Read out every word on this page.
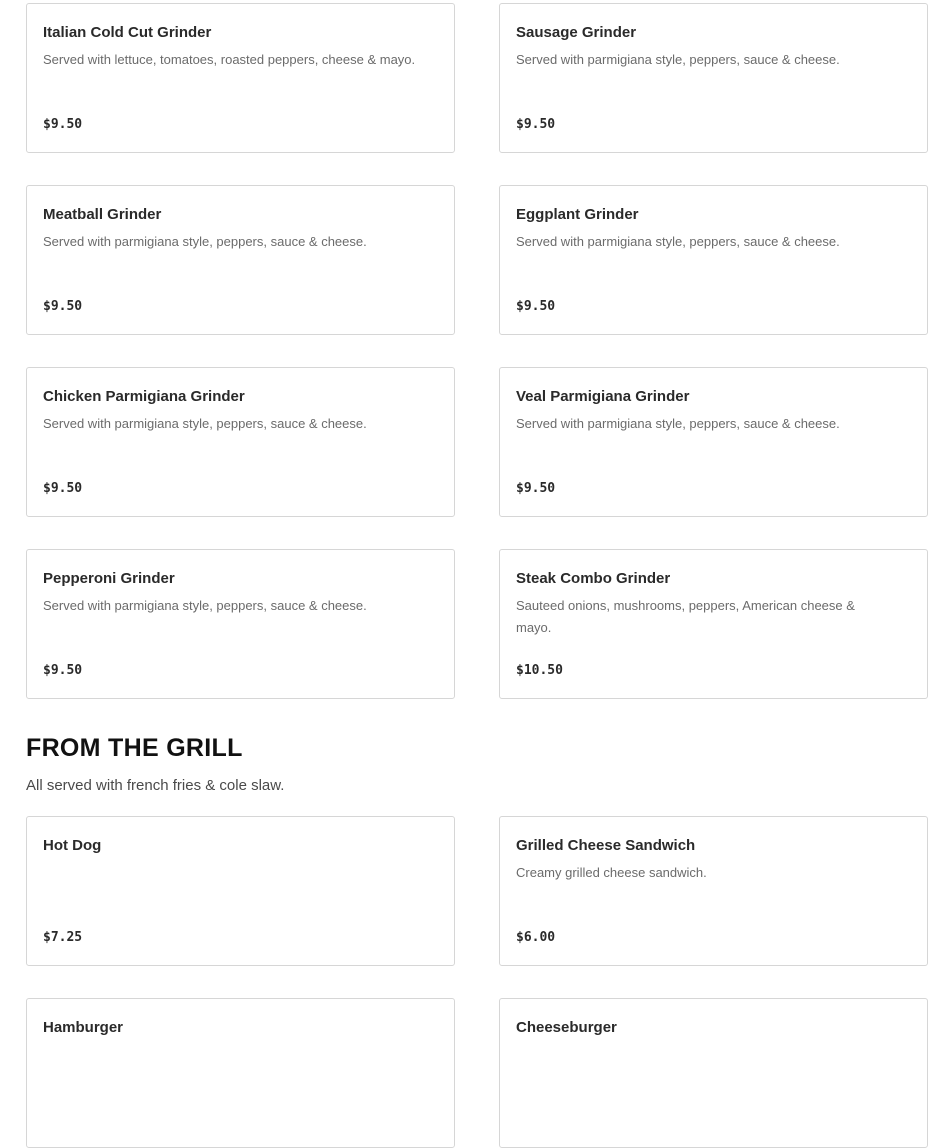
Italian Cold Cut Grinder
Served with lettuce, tomatoes, roasted peppers, cheese & mayo.
$9.50
Sausage Grinder
Served with parmigiana style, peppers, sauce & cheese.
$9.50
Meatball Grinder
Served with parmigiana style, peppers, sauce & cheese.
$9.50
Eggplant Grinder
Served with parmigiana style, peppers, sauce & cheese.
$9.50
Chicken Parmigiana Grinder
Served with parmigiana style, peppers, sauce & cheese.
$9.50
Veal Parmigiana Grinder
Served with parmigiana style, peppers, sauce & cheese.
$9.50
Pepperoni Grinder
Served with parmigiana style, peppers, sauce & cheese.
$9.50
Steak Combo Grinder
Sauteed onions, mushrooms, peppers, American cheese & mayo.
$10.50
FROM THE GRILL
All served with french fries & cole slaw.
Hot Dog
$7.25
Grilled Cheese Sandwich
Creamy grilled cheese sandwich.
$6.00
Hamburger	Cheeseburger
